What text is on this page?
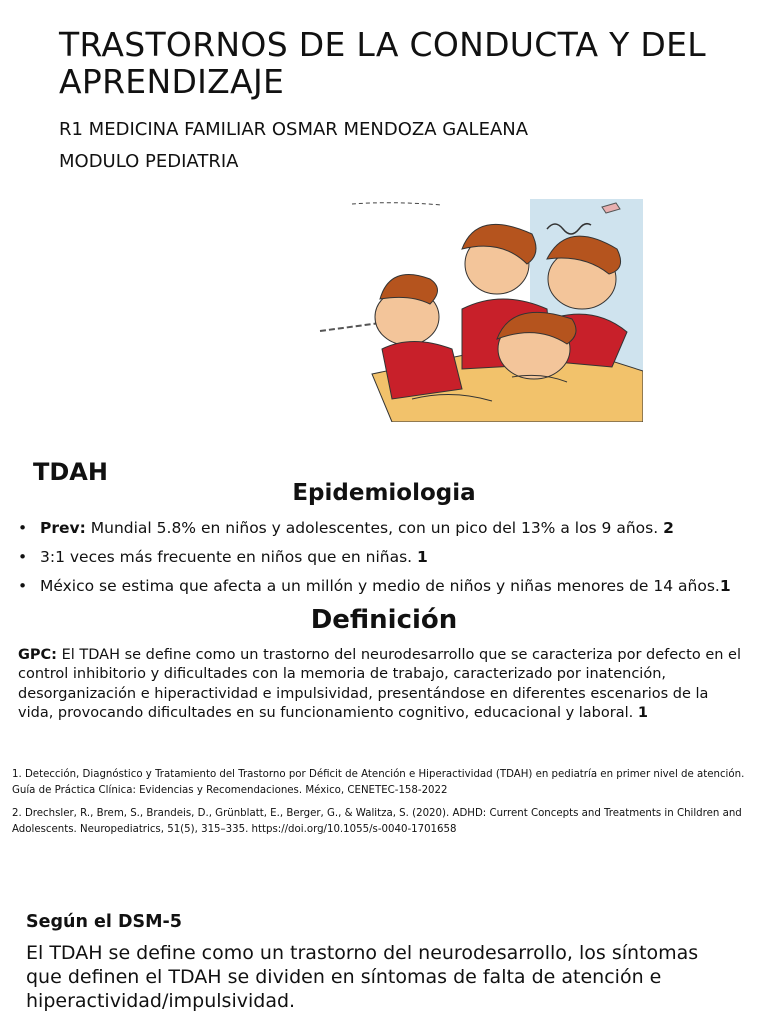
TRASTORNOS DE LA CONDUCTA Y DEL APRENDIZAJE
R1 MEDICINA FAMILIAR OSMAR MENDOZA GALEANA
MODULO PEDIATRIA
TDAH
Epidemiologia
• Prev: Mundial 5.8% en niños y adolescentes, con un pico del 13% a los 9 años. 2
• 3:1 veces más frecuente en niños que en niñas. 1
• México se estima que afecta a un millón y medio de niños y niñas menores de 14 años.1
Definición
GPC: El TDAH se define como un trastorno del neurodesarrollo que se caracteriza por defecto en el control inhibitorio y dificultades con la memoria de trabajo, caracterizado por inatención, desorganización e hiperactividad e impulsividad, presentándose en diferentes escenarios de la vida, provocando dificultades en su funcionamiento cognitivo, educacional y laboral. 1
1. Detección, Diagnóstico y Tratamiento del Trastorno por Déficit de Atención e Hiperactividad (TDAH) en pediatría en primer nivel de atención. Guía de Práctica Clínica: Evidencias y Recomendaciones. México, CENETEC-158-2022
2. Drechsler, R., Brem, S., Brandeis, D., Grünblatt, E., Berger, G., & Walitza, S. (2020). ADHD: Current Concepts and Treatments in Children and Adolescents. Neuropediatrics, 51(5), 315–335. https://doi.org/10.1055/s-0040-1701658
Según el DSM-5
El TDAH se define como un trastorno del neurodesarrollo, los síntomas que definen el TDAH se dividen en síntomas de falta de atención e hiperactividad/impulsividad.
